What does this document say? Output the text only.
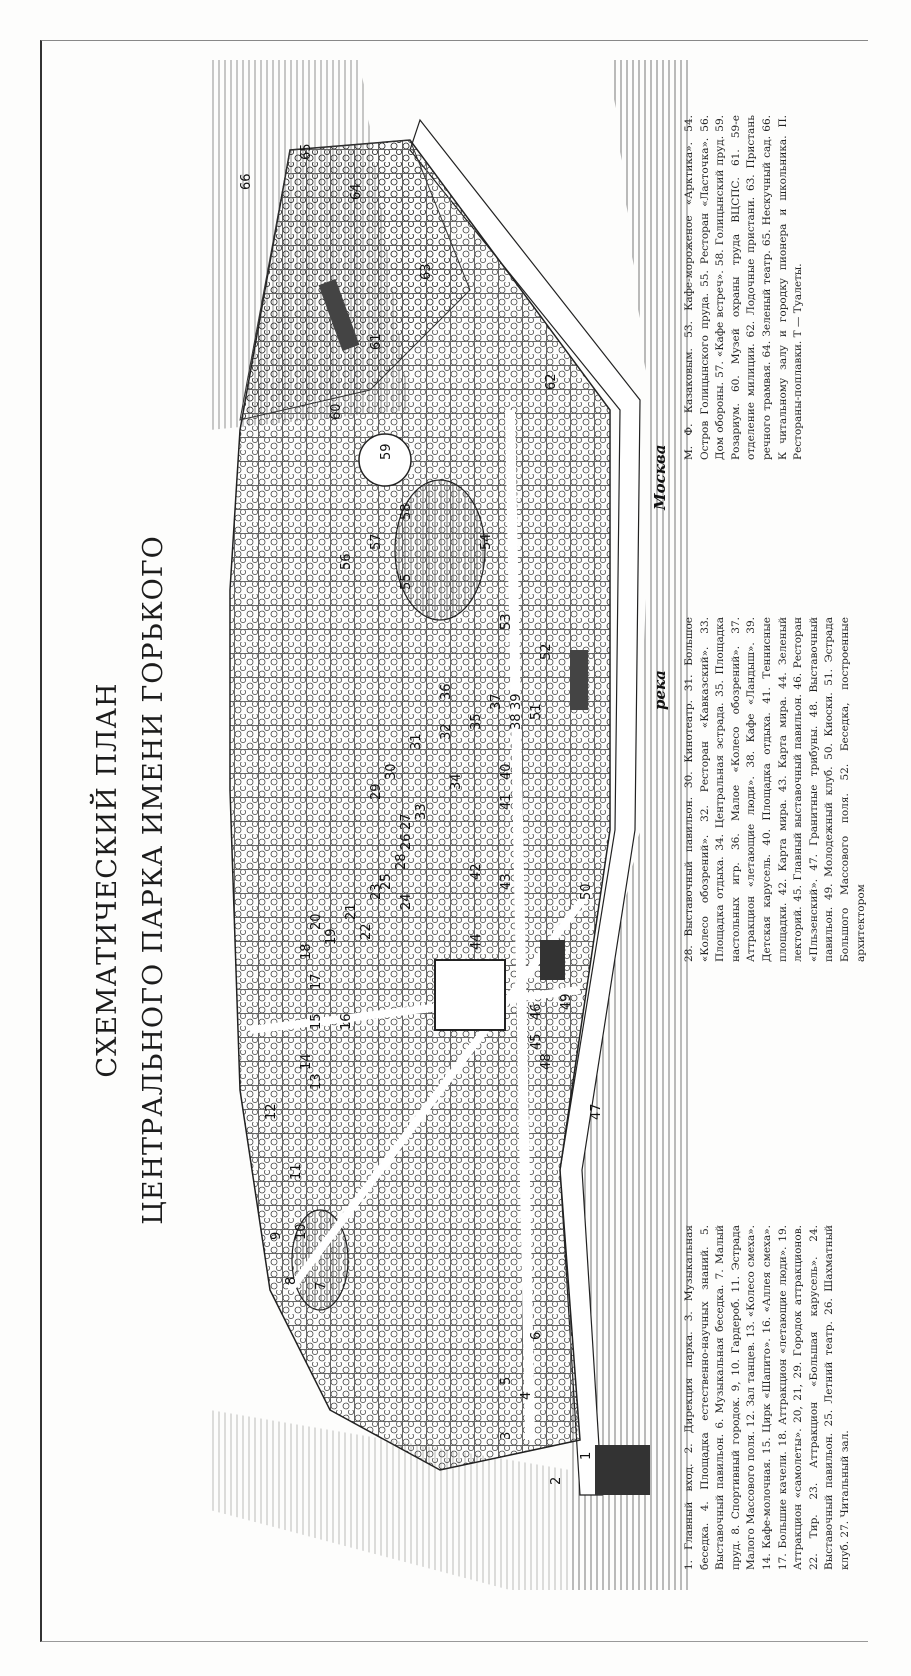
СХЕМАТИЧЕСКИЙ ПЛАН ЦЕНТРАЛЬНОГО ПАРКА ИМЕНИ ГОРЬКОГО	река
Москва
1
2
3
4
5
6
7
8
9 10
11
12
13
14
15 16
17
18
19
20
21
22
23
24
25
26
27
28
29
30
31
32
33
34
35
36
37
38
39
40
41
42
43
44
45
46
47
48
49
50
51
52
53
54
55
56
57
58
59
60
61
62
63
64
65
66
1. Главный вход. 2. Дирекция парка. 3. Музыкальная беседка. 4. Площадка естественно-научных знаний. 5. Выставочный павильон. 6. Музыкальная беседка. 7. Малый пруд. 8. Спортивный городок. 9, 10. Гардероб. 11. Эстрада Малого Массового поля. 12. Зал танцев. 13. «Колесо смеха». 14. Кафе-молочная. 15. Цирк «Шапито». 16. «Аллея смеха». 17. Большие качели. 18. Аттракцион «летающие люди». 19. Аттракцион «самолеты». 20, 21, 29. Городок аттракционов. 22. Тир. 23. Аттракцион «Большая карусель». 24. Выставочный павильон. 25. Летний театр. 26. Шахматный клуб. 27. Читальный зал.
28. Выставочный павильон. 30. Кинотеатр. 31. Большое «Колесо обозрений». 32. Ресторан «Кавказский». 33. Площадка отдыха. 34. Центральная эстрада. 35. Площадка настольных игр. 36. Малое «Колесо обозрений». 37. Аттракцион «летающие люди». 38. Кафе «Ландыш». 39. Детская карусель. 40. Площадка отдыха. 41. Теннисные площадки. 42. Карта мира. 43. Карта мира. 44. Зеленый лекторий. 45. Главный выставочный павильон. 46. Ресторан «Пльзенский». 47. Гранитные трибуны. 48. Выставочный павильон. 49. Молодежный клуб. 50. Киоски. 51. Эстрада Большого Массового поля. 52. Беседка, построенные архитектором
М. Ф. Казаковым. 53. Кафе-мороженое «Арктика». 54. Остров Голицынского пруда. 55. Ресторан «Ласточка». 56. Дом обороны. 57. «Кафе встреч». 58. Голицынский пруд. 59. Розариум. 60. Музей охраны труда ВЦСПС. 61. 59-е отделение милиции. 62. Лодочные пристани. 63. Пристань речного трамвая. 64. Зеленый театр. 65. Нескучный сад. 66. К читальному залу и городку пионера и школьника. П. Рестораны-поплавки. Т — Туалеты.
